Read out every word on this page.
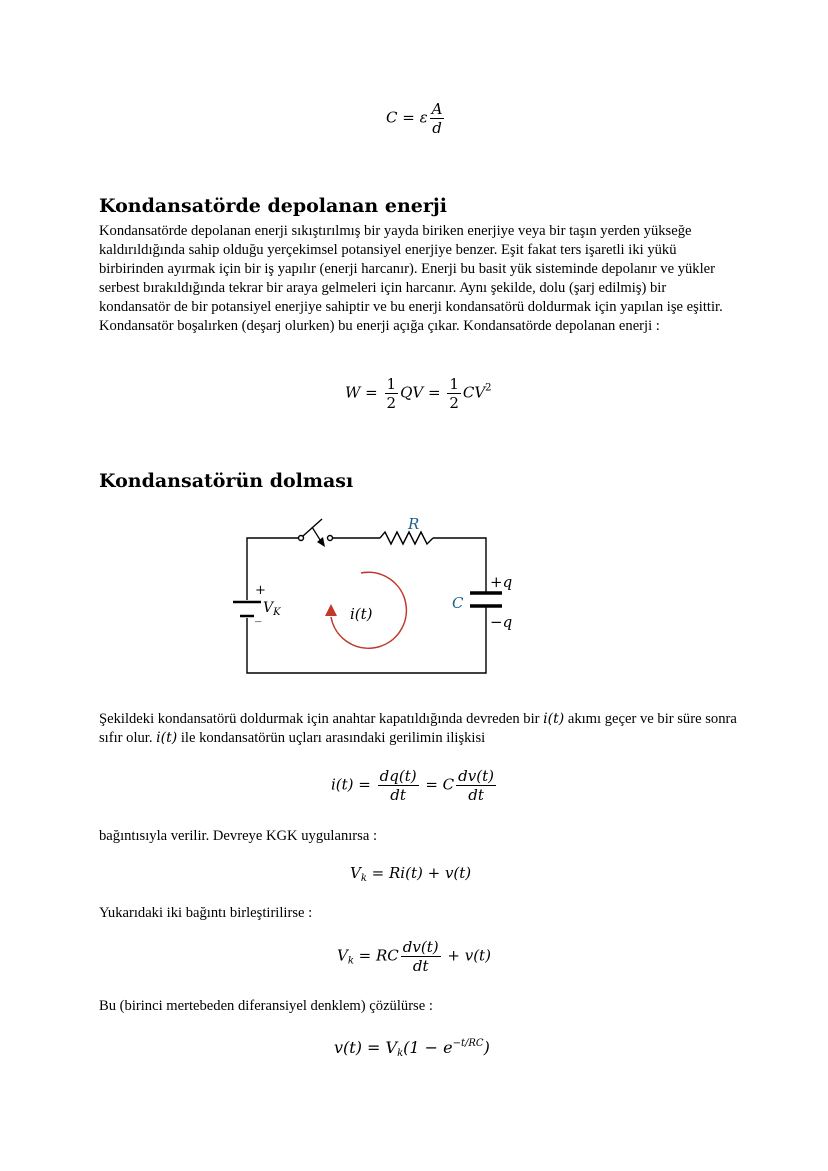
C = ε $\frac{A}{d}$
Kondansatörde depolanan enerji

Kondansatörde depolanan enerji sıkıştırılmış bir yayda biriken enerjiye veya bir taşın yerden yükseğe kaldırıldığında sahip olduğu yerçekimsel potansiyel enerjiye benzer. Eşit fakat ters işaretli iki yükü birbirinden ayırmak için bir iş yapılır (enerji harcanır). Enerji bu basit yük sisteminde depolanır ve yükler serbest bırakıldığında tekrar bir araya gelmeleri için harcanır. Aynı şekilde, dolu (şarj edilmiş) bir kondansatör de bir potansiyel enerjiye sahiptir ve bu enerji kondansatörü doldurmak için yapılan işe eşittir. Kondansatör boşalırken (deşarj olurken) bu enerji açığa çıkar. Kondansatörde depolanan enerji :

$W = \frac{1}{2}$ QV = $\frac{1}{2} CV^2$
Kondansatörün dolması
R
C
+q
−q
+
_ $V_K$	i(t)

Şekildeki kondansatörü doldurmak için anahtar kapatıldığında devreden bir i(t) akımı geçer ve bir süre sonra sıfır olur. i(t) ile kondansatörün uçları arasındaki gerilimin ilişkisi

$i(t) = \frac{dq(t)}{dt} = C \frac{dv(t)}{dt}$

bağıntısıyla verilir. Devreye KGK uygulanırsa :

$V_k = Ri(t) + v(t)$

Yukarıdaki iki bağıntı birleştirilirse :

$V_k$ = RC $\frac{dv(t)}{dt} + v(t)$

Bu (birinci mertebeden diferansiyel denklem) çözülürse :

$v(t) = V_k(1 - e^{-t/RC})$
